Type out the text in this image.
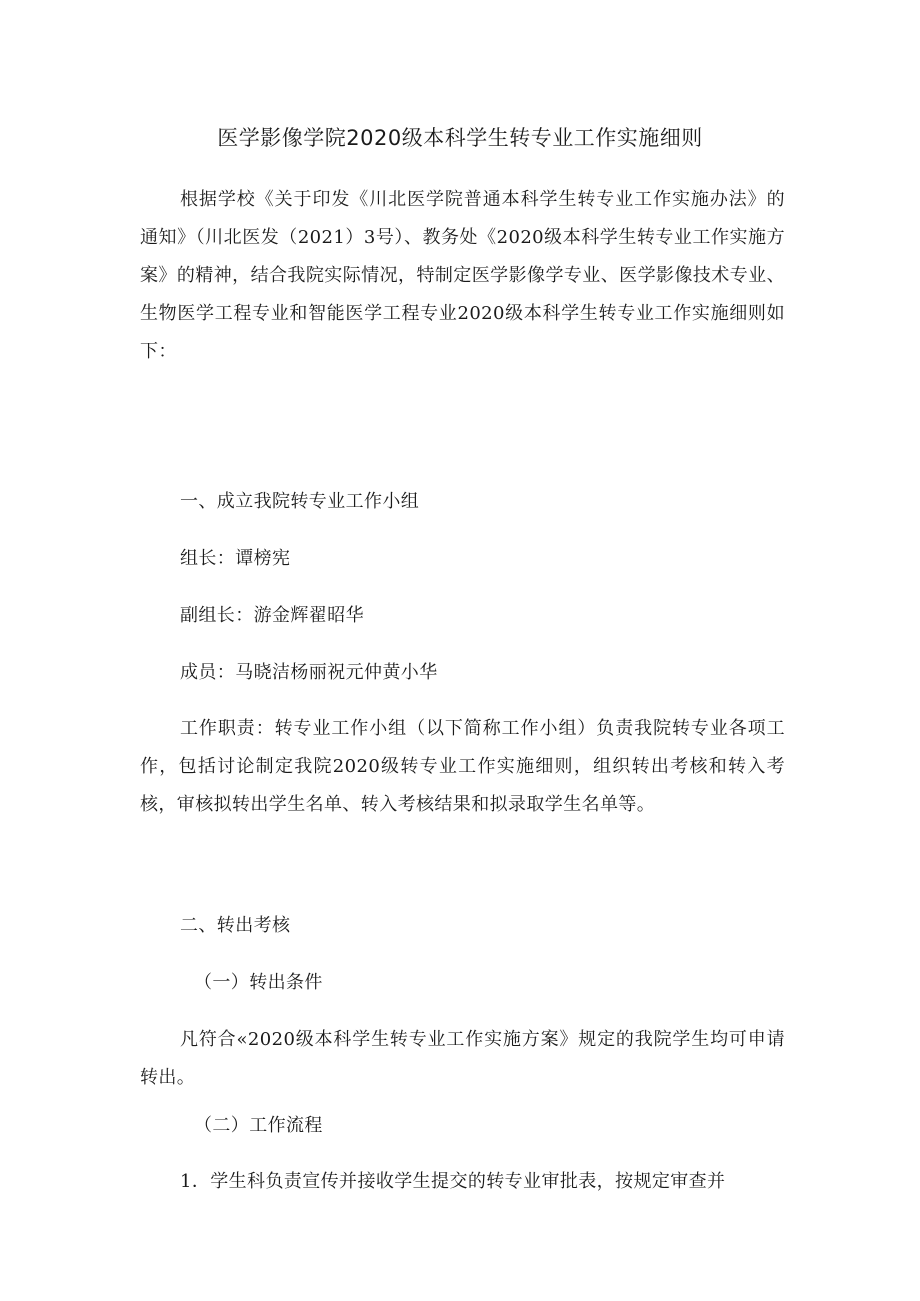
医学影像学院2020级本科学生转专业工作实施细则

根据学校《关于印发《川北医学院普通本科学生转专业工作实施办法》的通知》（川北医发（2021）3号）、教务处《2020级本科学生转专业工作实施方案》的精神，结合我院实际情况，特制定医学影像学专业、医学影像技术专业、生物医学工程专业和智能医学工程专业2020级本科学生转专业工作实施细则如下：

一、成立我院转专业工作小组

组长：谭榜宪

副组长：游金辉翟昭华

成员：马晓洁杨丽祝元仲黄小华

工作职责：转专业工作小组（以下简称工作小组）负责我院转专业各项工作，包括讨论制定我院2020级转专业工作实施细则，组织转出考核和转入考核，审核拟转出学生名单、转入考核结果和拟录取学生名单等。

二、转出考核

（一）转出条件

凡符合«2020级本科学生转专业工作实施方案》规定的我院学生均可申请转出。

（二）工作流程

1．学生科负责宣传并接收学生提交的转专业审批表，按规定审查并
